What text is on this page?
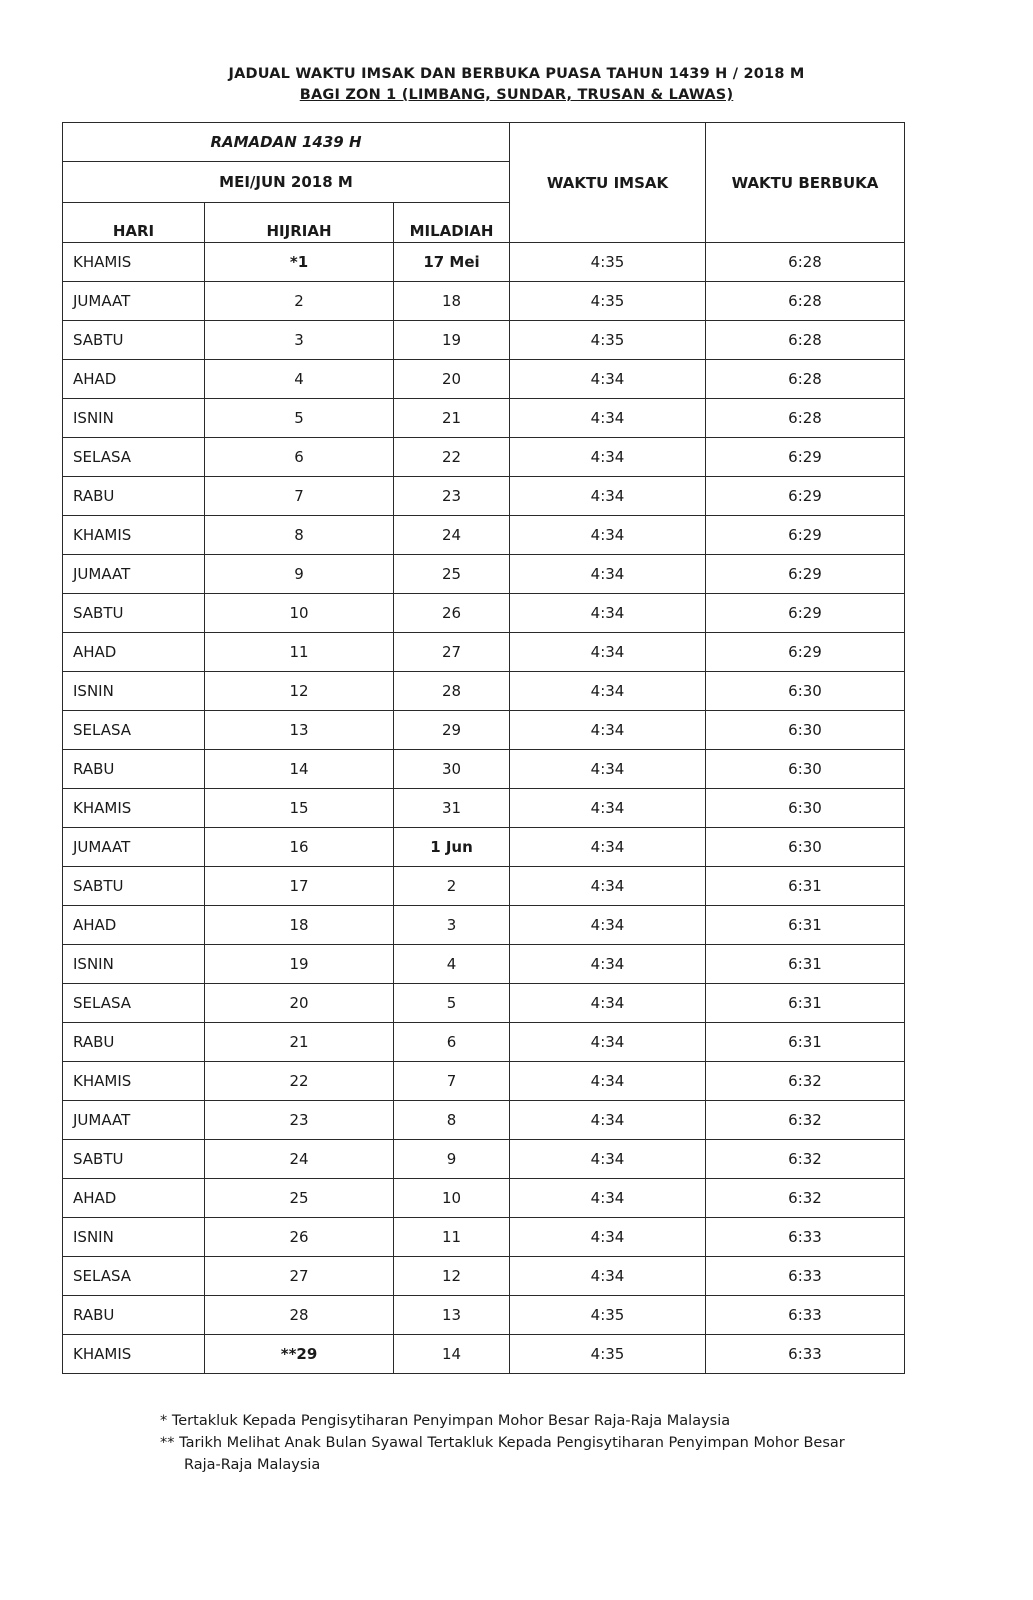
JADUAL WAKTU IMSAK DAN BERBUKA PUASA TAHUN 1439 H / 2018 M
BAGI ZON 1 (LIMBANG, SUNDAR, TRUSAN & LAWAS)
RAMADAN 1439 H			WAKTU IMSAK	WAKTU BERBUKA
MEI/JUN 2018 M				
HARI	HIJRIAH	MILADIAH		
KHAMIS	*1	17 Mei	4:35	6:28
JUMAAT	2	18	4:35	6:28
SABTU	3	19	4:35	6:28
AHAD	4	20	4:34	6:28
ISNIN	5	21	4:34	6:28
SELASA	6	22	4:34	6:29
RABU	7	23	4:34	6:29
KHAMIS	8	24	4:34	6:29
JUMAAT	9	25	4:34	6:29
SABTU	10	26	4:34	6:29
AHAD	11	27	4:34	6:29
ISNIN	12	28	4:34	6:30
SELASA	13	29	4:34	6:30
RABU	14	30	4:34	6:30
KHAMIS	15	31	4:34	6:30
JUMAAT	16	1 Jun	4:34	6:30
SABTU	17	2	4:34	6:31
AHAD	18	3	4:34	6:31
ISNIN	19	4	4:34	6:31
SELASA	20	5	4:34	6:31
RABU	21	6	4:34	6:31
KHAMIS	22	7	4:34	6:32
JUMAAT	23	8	4:34	6:32
SABTU	24	9	4:34	6:32
AHAD	25	10	4:34	6:32
ISNIN	26	11	4:34	6:33
SELASA	27	12	4:34	6:33
RABU	28	13	4:35	6:33
KHAMIS	**29	14	4:35	6:33
* Tertakluk Kepada Pengisytiharan Penyimpan Mohor Besar Raja-Raja Malaysia
** Tarikh Melihat Anak Bulan Syawal Tertakluk Kepada Pengisytiharan Penyimpan Mohor Besar
Raja-Raja Malaysia
